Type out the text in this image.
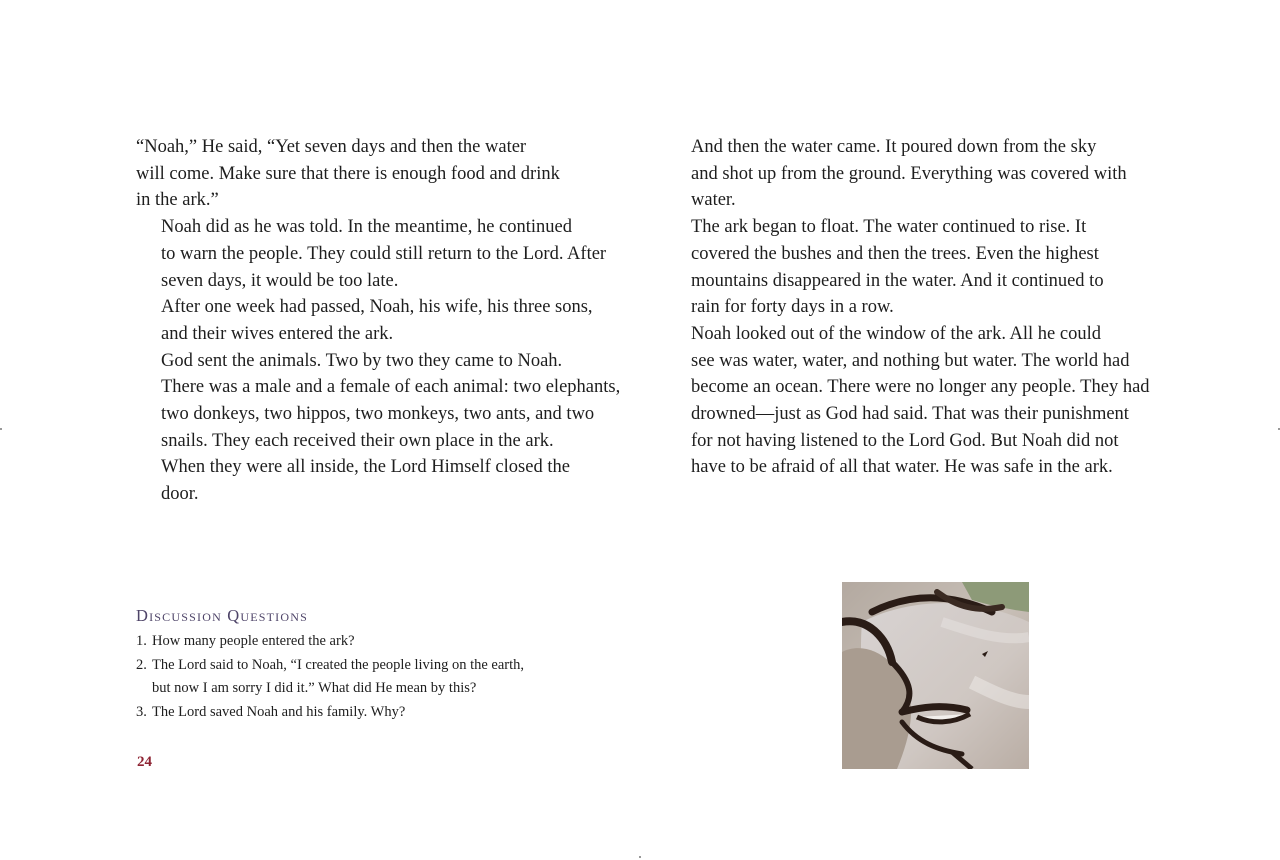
“Noah,” He said, “Yet seven days and then the water
will come. Make sure that there is enough food and drink
in the ark.”

Noah did as he was told. In the meantime, he continued
to warn the people. They could still return to the Lord. After
seven days, it would be too late.

After one week had passed, Noah, his wife, his three sons,
and their wives entered the ark.

God sent the animals. Two by two they came to Noah.
There was a male and a female of each animal: two elephants,
two donkeys, two hippos, two monkeys, two ants, and two
snails. They each received their own place in the ark.

When they were all inside, the Lord Himself closed the
door.

And then the water came. It poured down from the sky
and shot up from the ground. Everything was covered with
water.

The ark began to float. The water continued to rise. It
covered the bushes and then the trees. Even the highest
mountains disappeared in the water. And it continued to
rain for forty days in a row.

Noah looked out of the window of the ark. All he could
see was water, water, and nothing but water. The world had
become an ocean. There were no longer any people. They had
drowned—just as God had said. That was their punishment
for not having listened to the Lord God. But Noah did not
have to be afraid of all that water. He was safe in the ark.

Discussion Questions
1. How many people entered the ark?
2. The Lord said to Noah, “I created the people living on the earth,
but now I am sorry I did it.” What did He mean by this?
3. The Lord saved Noah and his family. Why?
24
